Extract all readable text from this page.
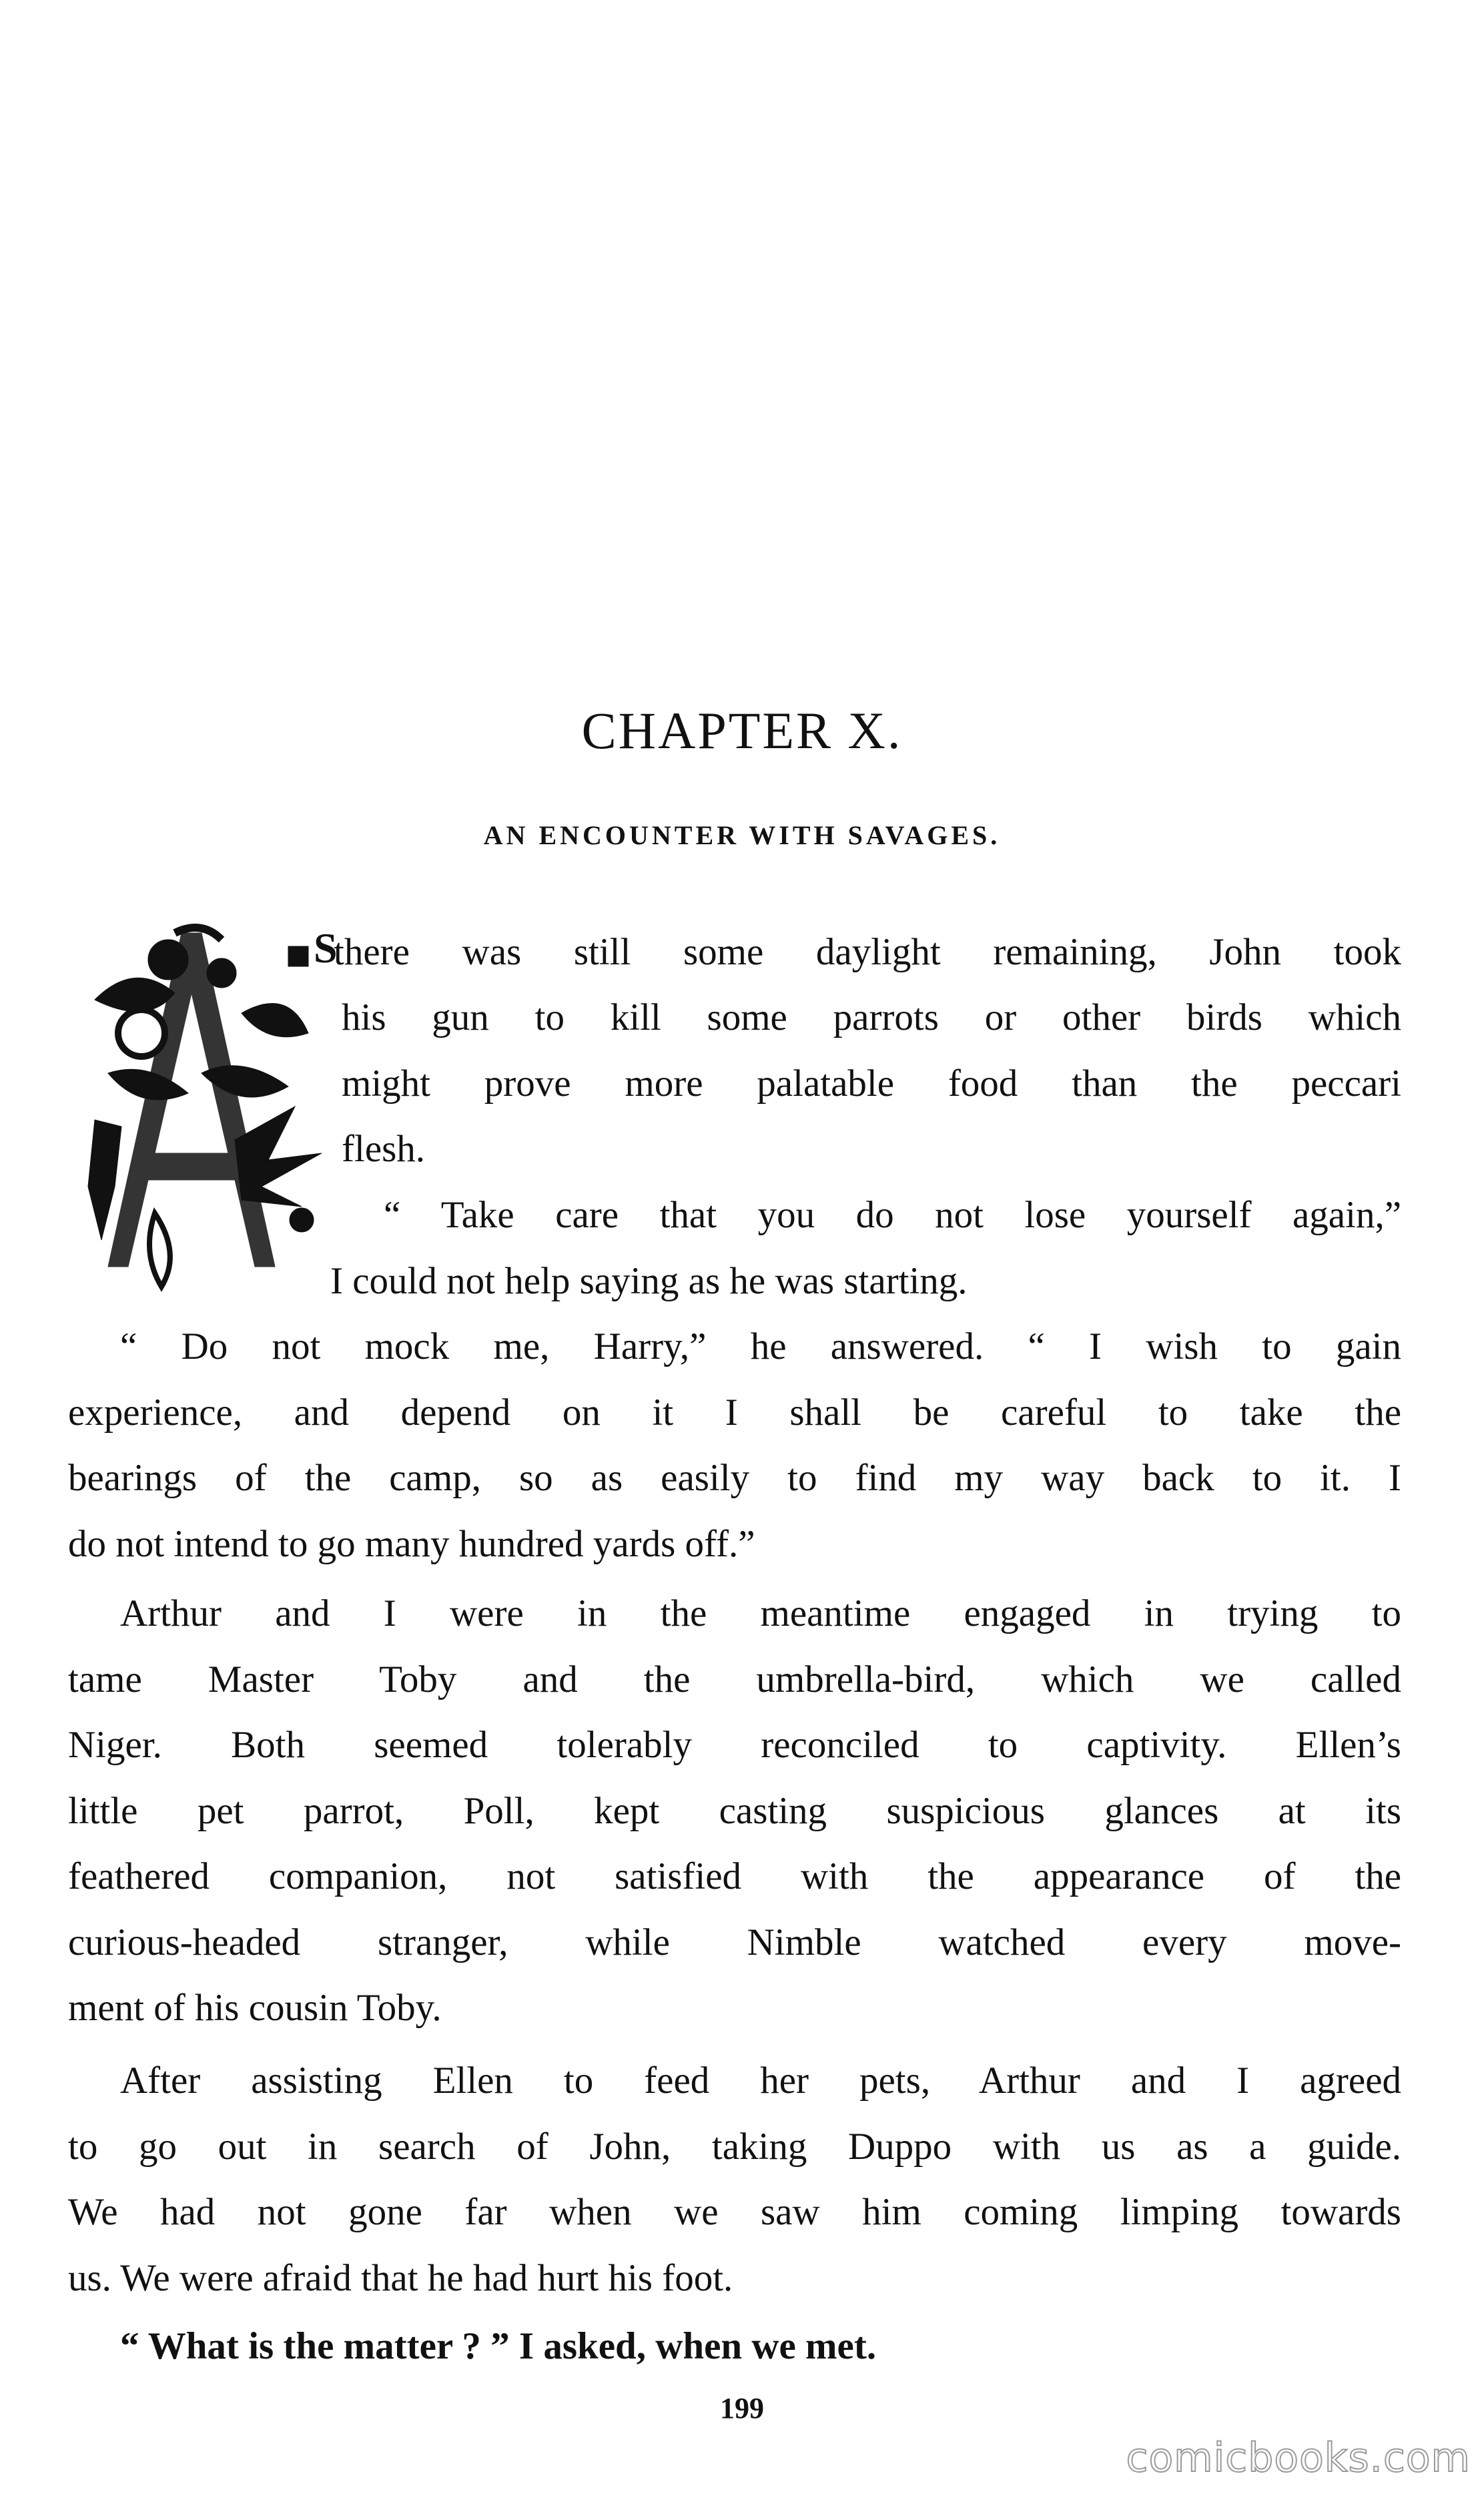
CHAPTER X.
AN ENCOUNTER WITH SAVAGES.
S
there was still some daylight remaining, John took
his gun to kill some parrots or other birds which
might prove more palatable food than the peccari
flesh.
“ Take care that you do not lose yourself again,”
I could not help saying as he was starting.
“ Do not mock me, Harry,” he answered. “ I wish to gain
experience, and depend on it I shall be careful to take the
bearings of the camp, so as easily to find my way back to it. I
do not intend to go many hundred yards off.”
Arthur and I were in the meantime engaged in trying to
tame Master Toby and the umbrella-bird, which we called
Niger. Both seemed tolerably reconciled to captivity. Ellen’s
little pet parrot, Poll, kept casting suspicious glances at its
feathered companion, not satisfied with the appearance of the
curious-headed stranger, while Nimble watched every move-
ment of his cousin Toby.
After assisting Ellen to feed her pets, Arthur and I agreed
to go out in search of John, taking Duppo with us as a guide.
We had not gone far when we saw him coming limping towards
us. We were afraid that he had hurt his foot.
“ What is the matter ? ” I asked, when we met.
199
comicbooks.com
